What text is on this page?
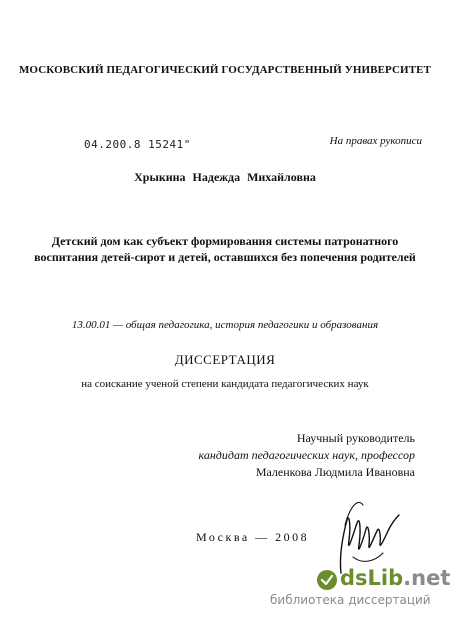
МОСКОВСКИЙ ПЕДАГОГИЧЕСКИЙ ГОСУДАРСТВЕННЫЙ УНИВЕРСИТЕТ
04.200.8 15241"	На правах рукописи
Хрыкина Надежда Михайловна
Детский дом как субъект формирования системы патронатного
воспитания детей-сирот и детей, оставшихся без попечения родителей
13.00.01 — общая педагогика, история педагогики и образования
ДИССЕРТАЦИЯ
на соискание ученой степени кандидата педагогических наук
Научный руководитель
кандидат педагогических наук, профессор
Маленкова Людмила Ивановна
Москва — 2008
dsLib.net
библиотека диссертаций
